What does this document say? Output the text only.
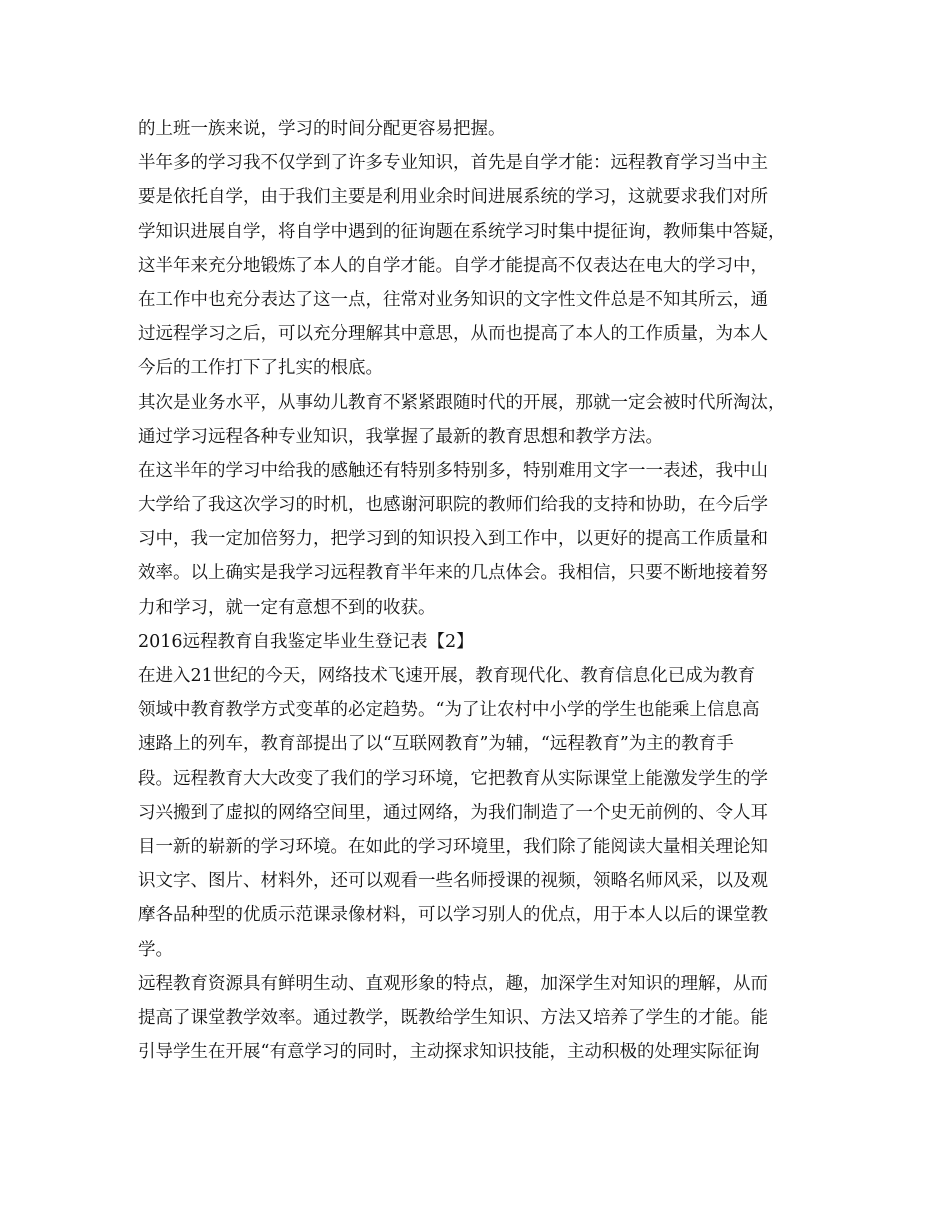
的上班一族来说，学习的时间分配更容易把握。
半年多的学习我不仅学到了许多专业知识，首先是自学才能：远程教育学习当中主
要是依托自学，由于我们主要是利用业余时间进展系统的学习，这就要求我们对所
学知识进展自学，将自学中遇到的征询题在系统学习时集中提征询，教师集中答疑，
这半年来充分地锻炼了本人的自学才能。自学才能提高不仅表达在电大的学习中，
在工作中也充分表达了这一点，往常对业务知识的文字性文件总是不知其所云，通
过远程学习之后，可以充分理解其中意思，从而也提高了本人的工作质量，为本人
今后的工作打下了扎实的根底。
其次是业务水平，从事幼儿教育不紧紧跟随时代的开展，那就一定会被时代所淘汰，
通过学习远程各种专业知识，我掌握了最新的教育思想和教学方法。
在这半年的学习中给我的感触还有特别多特别多，特别难用文字一一表述，我中山
大学给了我这次学习的时机，也感谢河职院的教师们给我的支持和协助，在今后学
习中，我一定加倍努力，把学习到的知识投入到工作中，以更好的提高工作质量和
效率。以上确实是我学习远程教育半年来的几点体会。我相信，只要不断地接着努
力和学习，就一定有意想不到的收获。
2016远程教育自我鉴定毕业生登记表【2】
在进入21世纪的今天，网络技术飞速开展，教育现代化、教育信息化已成为教育
领域中教育教学方式变革的必定趋势。“为了让农村中小学的学生也能乘上信息高
速路上的列车，教育部提出了以“互联网教育”为辅，“远程教育”为主的教育手
段。远程教育大大改变了我们的学习环境，它把教育从实际课堂上能激发学生的学
习兴搬到了虚拟的网络空间里，通过网络，为我们制造了一个史无前例的、令人耳
目一新的崭新的学习环境。在如此的学习环境里，我们除了能阅读大量相关理论知
识文字、图片、材料外，还可以观看一些名师授课的视频，领略名师风采，以及观
摩各品种型的优质示范课录像材料，可以学习别人的优点，用于本人以后的课堂教
学。
远程教育资源具有鲜明生动、直观形象的特点，趣，加深学生对知识的理解，从而
提高了课堂教学效率。通过教学，既教给学生知识、方法又培养了学生的才能。能
引导学生在开展“有意学习的同时，主动探求知识技能，主动积极的处理实际征询
